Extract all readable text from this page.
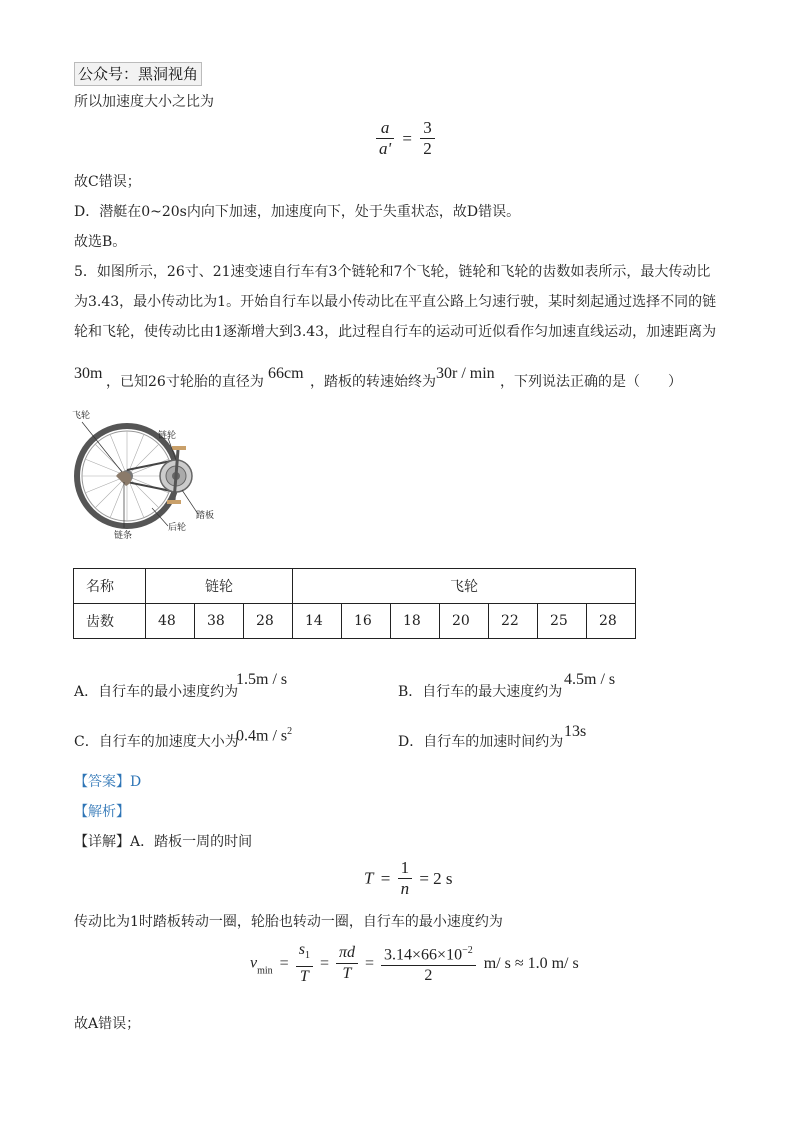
公众号：黑洞视角
所以加速度大小之比为
$\frac{a}{a'} = \frac{3}{2}$
故C错误；
D．潜艇在0~20s内向下加速，加速度向下，处于失重状态，故D错误。
故选B。
5．如图所示，26寸、21速变速自行车有3个链轮和7个飞轮，链轮和飞轮的齿数如表所示，最大传动比
为3.43，最小传动比为1。开始自行车以最小传动比在平直公路上匀速行驶，某时刻起通过选择不同的链
轮和飞轮，使传动比由1逐渐增大到3.43，此过程自行车的运动可近似看作匀加速直线运动，加速距离为
30m ，已知26寸轮胎的直径为 66cm ，踏板的转速始终为 30r / min ，下列说法正确的是（　　）
飞轮
链轮
踏板
后轮
链条
名称	链轮			飞轮						
齿数	48	38	28	14	16	18	20	22	25	28
A．自行车的最小速度约为
1.5m / s
B．自行车的最大速度约为
4.5m / s
C．自行车的加速度大小为
$0.4m / s^2$
D．自行车的加速时间约为
13s
【答案】D
【解析】
【详解】A．踏板一周的时间
$T = \frac{1}{n} = 2$ s
传动比为1时踏板转动一圈，轮胎也转动一圈，自行车的最小速度约为
$v_{min} = \frac{s_1}{T} = \frac{\pi d}{T} = \frac{3.14\times 66\times 10^{-2}}{2} m/$ s ≈ 1.0 m/ s
故A错误；
